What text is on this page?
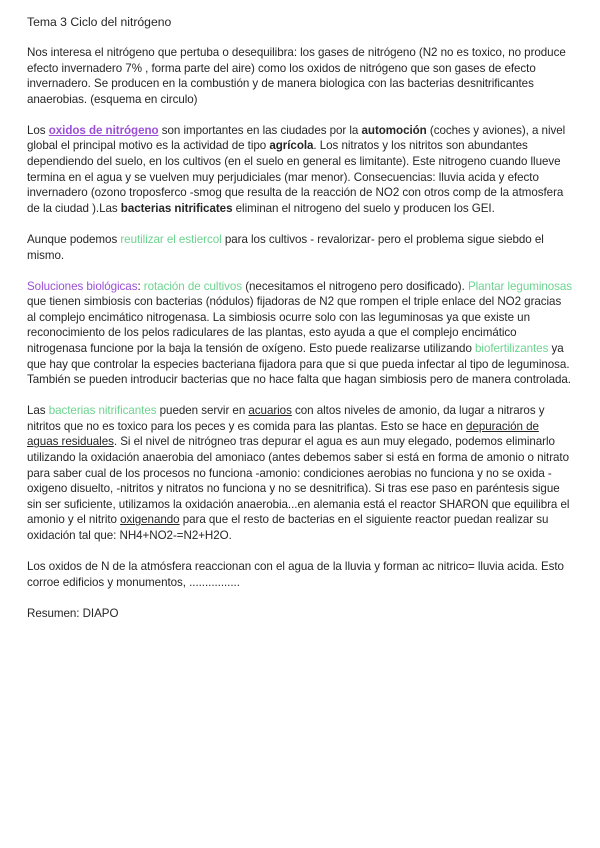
Tema 3 Ciclo del nitrógeno

Nos interesa el nitrógeno que pertuba o desequilibra: los gases de nitrógeno (N2 no es toxico, no produce efecto invernadero 7% , forma parte del aire) como los oxidos de nitrógeno que son gases de efecto invernadero. Se producen en la combustión y de manera biologica con las bacterias desnitrificantes anaerobias. (esquema en circulo)

Los oxidos de nitrógeno son importantes en las ciudades por la automoción (coches y aviones), a nivel global el principal motivo es la actividad de tipo agrícola. Los nitratos y los nitritos son abundantes dependiendo del suelo, en los cultivos (en el suelo en general es limitante). Este nitrogeno cuando llueve termina en el agua y se vuelven muy perjudiciales (mar menor). Consecuencias: lluvia acida y efecto invernadero (ozono troposferco -smog que resulta de la reacción de NO2 con otros comp de la atmosfera de la ciudad ).Las bacterias nitrificates eliminan el nitrogeno del suelo y producen los GEI.

Aunque podemos reutilizar el estiercol para los cultivos - revalorizar- pero el problema sigue siebdo el mismo.

Soluciones biológicas: rotación de cultivos (necesitamos el nitrogeno pero dosificado). Plantar leguminosas que tienen simbiosis con bacterias (nódulos) fijadoras de N2 que rompen el triple enlace del NO2 gracias al complejo encimático nitrogenasa. La simbiosis ocurre solo con las leguminosas ya que existe un reconocimiento de los pelos radiculares de las plantas, esto ayuda a que el complejo encimático nitrogenasa funcione por la baja la tensión de oxígeno. Esto puede realizarse utilizando biofertilizantes ya que hay que controlar la especies bacteriana fijadora para que si que pueda infectar al tipo de leguminosa. También se pueden introducir bacterias que no hace falta que hagan simbiosis pero de manera controlada.

Las bacterias nitrificantes pueden servir en acuarios con altos niveles de amonio, da lugar a nitraros y nitritos que no es toxico para los peces y es comida para las plantas. Esto se hace en depuración de aguas residuales. Si el nivel de nitrógneo tras depurar el agua es aun muy elegado, podemos eliminarlo utilizando la oxidación anaerobia del amoniaco (antes debemos saber si está en forma de amonio o nitrato para saber cual de los procesos no funciona -amonio: condiciones aerobias no funciona y no se oxida -oxigeno disuelto, -nitritos y nitratos no funciona y no se desnitrifica). Si tras ese paso en paréntesis sigue sin ser suficiente, utilizamos la oxidación anaerobia...en alemania está el reactor SHARON que equilibra el amonio y el nitrito oxigenando para que el resto de bacterias en el siguiente reactor puedan realizar su oxidación tal que: NH4+NO2-=N2+H2O.

Los oxidos de N de la atmósfera reaccionan con el agua de la lluvia y forman ac nitrico= lluvia acida. Esto corroe edificios y monumentos, ................

Resumen: DIAPO
